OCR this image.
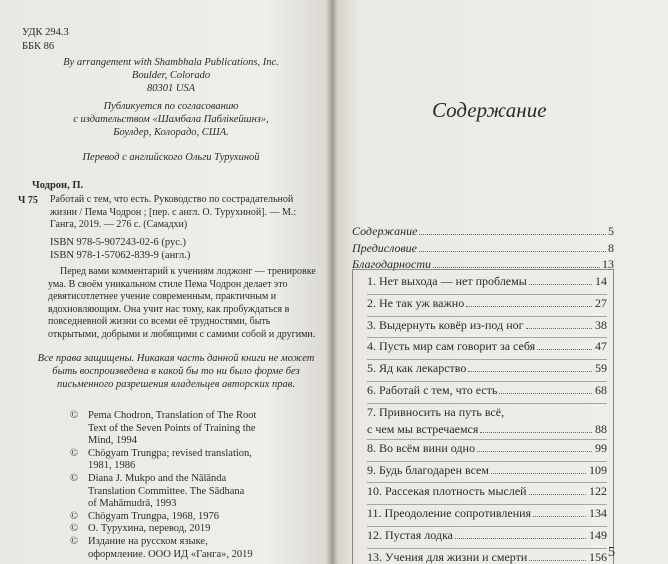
УДК 294.3
ББК 86
By arrangement with Shambhala Publications, Inc.
Boulder, Colorado
80301 USA
Публикуется по согласованию
с издательством «Шамбала Паблікейшнз»,
Боулдер, Колорадо, США.
Перевод с английского Ольги Турухиной
Чодрон, П.
Ч 75 Работай с тем, что есть. Руководство по сострадательной жизни / Пема Чодрон ; [пер. с англ. О. Турухиной]. — М.: Ганга, 2019. — 276 с. (Самадхи)
ISBN 978-5-907243-02-6 (рус.)
ISBN 978-1-57062-839-9 (англ.)
Перед вами комментарий к учениям лоджонг — тренировке ума. В своём уникальном стиле Пема Чодрон делает это девятисотлетнее учение современным, практичным и вдохновляющим. Она учит нас тому, как пробуждаться в повседневной жизни со всеми её трудностями, быть открытыми, добрыми и любящими с самими собой и другими.
Все права защищены. Никакая часть данной книги не может быть воспроизведена в какой бы то ни было форме без письменного разрешения владельцев авторских прав.
© Pema Chodron, Translation of The Root
Text of the Seven Points of Training the
Mind, 1994
© Chögyam Trungpa; revised translation,
1981, 1986
© Diana J. Mukpo and the Nālānda
Translation Committee. The Sādhana
of Mahāmudrā, 1993
© Chögyam Trungpa, 1968, 1976
© О. Турухина, перевод, 2019
© Издание на русском языке,
оформление. ООО ИД «Ганга», 2019
Содержание
Содержание	5
Предисловие	8
Благодарности	13
1. Нет выхода — нет проблемы	14
2. Не так уж важно	27
3. Выдернуть ковёр из-под ног	38
4. Пусть мир сам говорит за себя	47
5. Яд как лекарство	59
6. Работай с тем, что есть	68
7. Привносить на путь всё,
с чем мы встречаемся	88
8. Во всём вини одно	99
9. Будь благодарен всем	109
10. Рассекая плотность мыслей	122
11. Преодоление сопротивления	134
12. Пустая лодка	149
13. Учения для жизни и смерти	156 5
